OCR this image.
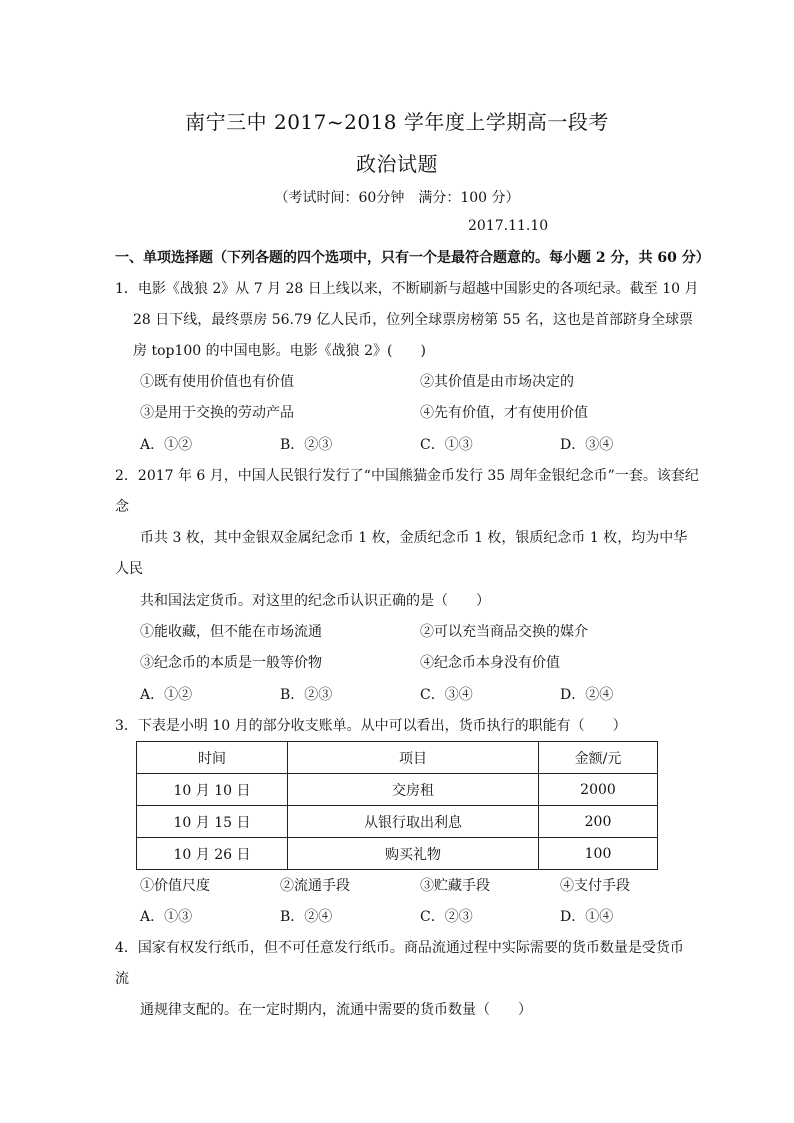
南宁三中 2017~2018 学年度上学期高一段考
政治试题
（考试时间：60分钟　满分：100 分）
2017.11.10
一、单项选择题（下列各题的四个选项中，只有一个是最符合题意的。每小题 2 分，共 60 分）
1．电影《战狼 2》从 7 月 28 日上线以来，不断刷新与超越中国影史的各项纪录。截至 10 月
28 日下线，最终票房 56.79 亿人民币，位列全球票房榜第 55 名，这也是首部跻身全球票
房 top100 的中国电影。电影《战狼 2》(　　)
①既有使用价值也有价值	②其价值是由市场决定的
③是用于交换的劳动产品	④先有价值，才有使用价值
A．①②	B．②③	C．①③	D．③④
2．2017 年 6 月，中国人民银行发行了“中国熊猫金币发行 35 周年金银纪念币”一套。该套纪
念
币共 3 枚，其中金银双金属纪念币 1 枚，金质纪念币 1 枚，银质纪念币 1 枚，均为中华
人民
共和国法定货币。对这里的纪念币认识正确的是（　　）
①能收藏，但不能在市场流通	②可以充当商品交换的媒介
③纪念币的本质是一般等价物	④纪念币本身没有价值
A．①②	B．②③	C．③④	D．②④
3．下表是小明 10 月的部分收支账单。从中可以看出，货币执行的职能有（　　）
时间	项目	金额/元
10 月 10 日	交房租	2000
10 月 15 日	从银行取出利息	200
10 月 26 日	购买礼物	100
①价值尺度	②流通手段	③贮藏手段	④支付手段
A．①③	B．②④	C．②③	D．①④
4．国家有权发行纸币，但不可任意发行纸币。商品流通过程中实际需要的货币数量是受货币
流
通规律支配的。在一定时期内，流通中需要的货币数量（　　）
